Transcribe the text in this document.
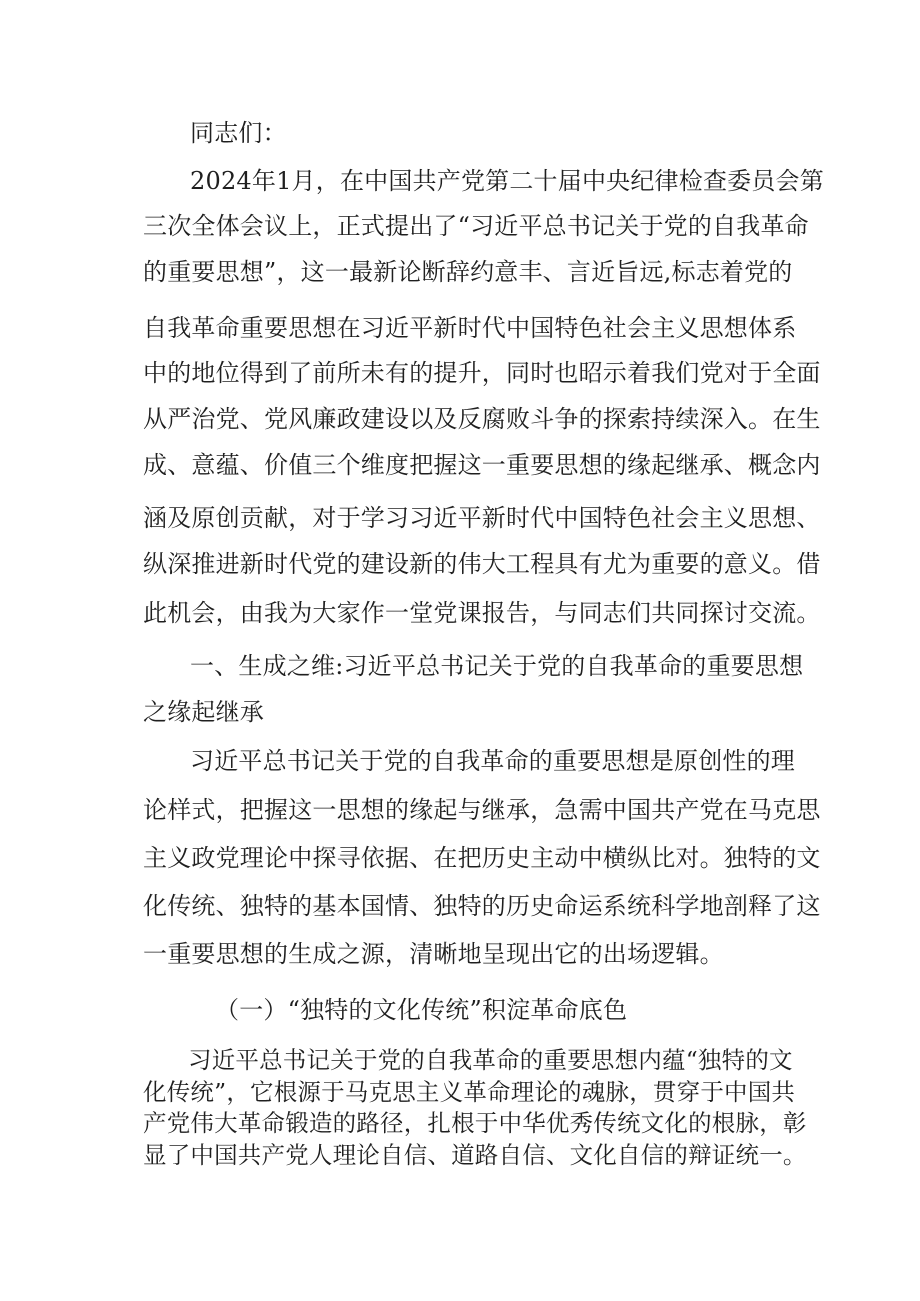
同志们：
2024年1月，在中国共产党第二十届中央纪律检查委员会第
三次全体会议上，正式提出了“习近平总书记关于党的自我革命
的重要思想”，这一最新论断辞约意丰、言近旨远,标志着党的
自我革命重要思想在习近平新时代中国特色社会主义思想体系
中的地位得到了前所未有的提升，同时也昭示着我们党对于全面
从严治党、党风廉政建设以及反腐败斗争的探索持续深入。在生
成、意蕴、价值三个维度把握这一重要思想的缘起继承、概念内
涵及原创贡献，对于学习习近平新时代中国特色社会主义思想、
纵深推进新时代党的建设新的伟大工程具有尤为重要的意义。借
此机会，由我为大家作一堂党课报告，与同志们共同探讨交流。
一、生成之维:习近平总书记关于党的自我革命的重要思想
之缘起继承
习近平总书记关于党的自我革命的重要思想是原创性的理
论样式，把握这一思想的缘起与继承，急需中国共产党在马克思
主义政党理论中探寻依据、在把历史主动中横纵比对。独特的文
化传统、独特的基本国情、独特的历史命运系统科学地剖释了这
一重要思想的生成之源，清晰地呈现出它的出场逻辑。
（一）“独特的文化传统”积淀革命底色
习近平总书记关于党的自我革命的重要思想内蕴“独特的文
化传统”，它根源于马克思主义革命理论的魂脉，贯穿于中国共
产党伟大革命锻造的路径，扎根于中华优秀传统文化的根脉，彰
显了中国共产党人理论自信、道路自信、文化自信的辩证统一。
